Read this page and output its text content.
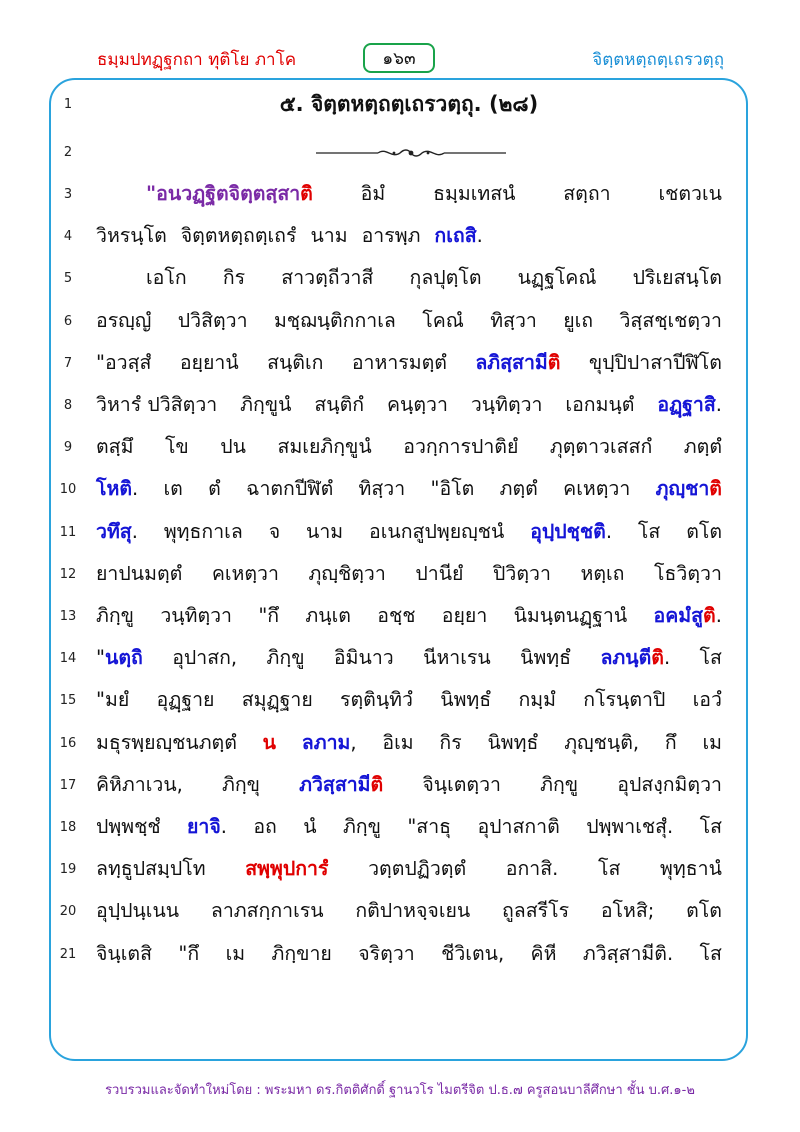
ธมฺมปทฏฺฐกถา ทุติโย ภาโค	๑๖๓	จิตฺตหตฺถตฺเถรวตฺถุ
1	๕. จิตฺตหตฺถตฺเถรวตฺถุ. (๒๘)
2
3	"อนวฏฺฐิตจิตฺตสฺสาติ อิมํ ธมฺมเทสนํ สตฺถา เชตวเน
4	วิหรนฺโต จิตฺตหตฺถตฺเถรํ นาม อารพฺภ กเถสิ.
5	เอโก กิร สาวตฺถีวาสี กุลปุตฺโต นฏฺฐโคณํ ปริเยสนฺโต
6	อรญฺญํ ปวิสิตฺวา มชฺฌนฺติกกาเล โคณํ ทิสฺวา ยูเถ วิสฺสชฺเชตฺวา
7	"อวสฺสํ อยฺยานํ สนฺติเก อาหารมตฺตํ ลภิสฺสามีติ ขุปฺปิปาสาปีฬิโต
8	วิหารํ ปวิสิตฺวา ภิกฺขูนํ สนฺติกํ คนฺตฺวา วนฺทิตฺวา เอกมนฺตํ อฏฺฐาสิ.
9	ตสฺมึ โข ปน สมเยภิกฺขูนํ อวกฺการปาติยํ ภุตฺตาวเสสกํ ภตฺตํ
10 โหติ. เต ตํ ฉาตกปีฬิตํ ทิสฺวา "อิโต ภตฺตํ คเหตฺวา ภุญฺชาติ
11 วทึสุ. พุทฺธกาเล จ นาม อเนกสูปพฺยญฺชนํ อุปฺปชฺชติ. โส ตโต
12 ยาปนมตฺตํ คเหตฺวา ภุญฺชิตฺวา ปานียํ ปิวิตฺวา หตฺเถ โธวิตฺวา
13 ภิกฺขู วนฺทิตฺวา "กึ ภนฺเต อชฺช อยฺยา นิมนฺตนฏฺฐานํ อคมํสูติ.
14 "นตฺถิ อุปาสก, ภิกฺขู อิมินาว นีหาเรน นิพทฺธํ ลภนฺตีติ. โส
15 "มยํ อุฏฺฐาย สมุฏฺฐาย รตฺตินฺทิวํ นิพทฺธํ กมฺมํ กโรนฺตาปิ เอวํ
16 มธุรพฺยญฺชนภตฺตํ น ลภาม, อิเม กิร นิพทฺธํ ภุญฺชนฺติ, กึ เม
17 คิหิภาเวน, ภิกฺขุ ภวิสฺสามีติ จินฺเตตฺวา ภิกฺขู อุปสงฺกมิตฺวา
18 ปพฺพชฺชํ ยาจิ. อถ นํ ภิกฺขู "สาธุ อุปาสกาติ ปพฺพาเชสุํ. โส
19 ลทฺธูปสมฺปโท สพฺพุปการํ วตฺตปฏิวตฺตํ อกาสิ. โส พุทฺธานํ
20 อุปฺปนฺเนน ลาภสกฺกาเรน กติปาหจฺจเยน ถูลสรีโร อโหสิ; ตโต
21 จินฺเตสิ "กึ เม ภิกฺขาย จริตฺวา ชีวิเตน, คิหี ภวิสฺสามีติ. โส
รวบรวมและจัดทำใหม่โดย : พระมหา ดร.กิตติศักดิ์ ฐานวโร ไมตรีจิต ป.ธ.๗ ครูสอนบาลีศึกษา ชั้น บ.ศ.๑-๒
